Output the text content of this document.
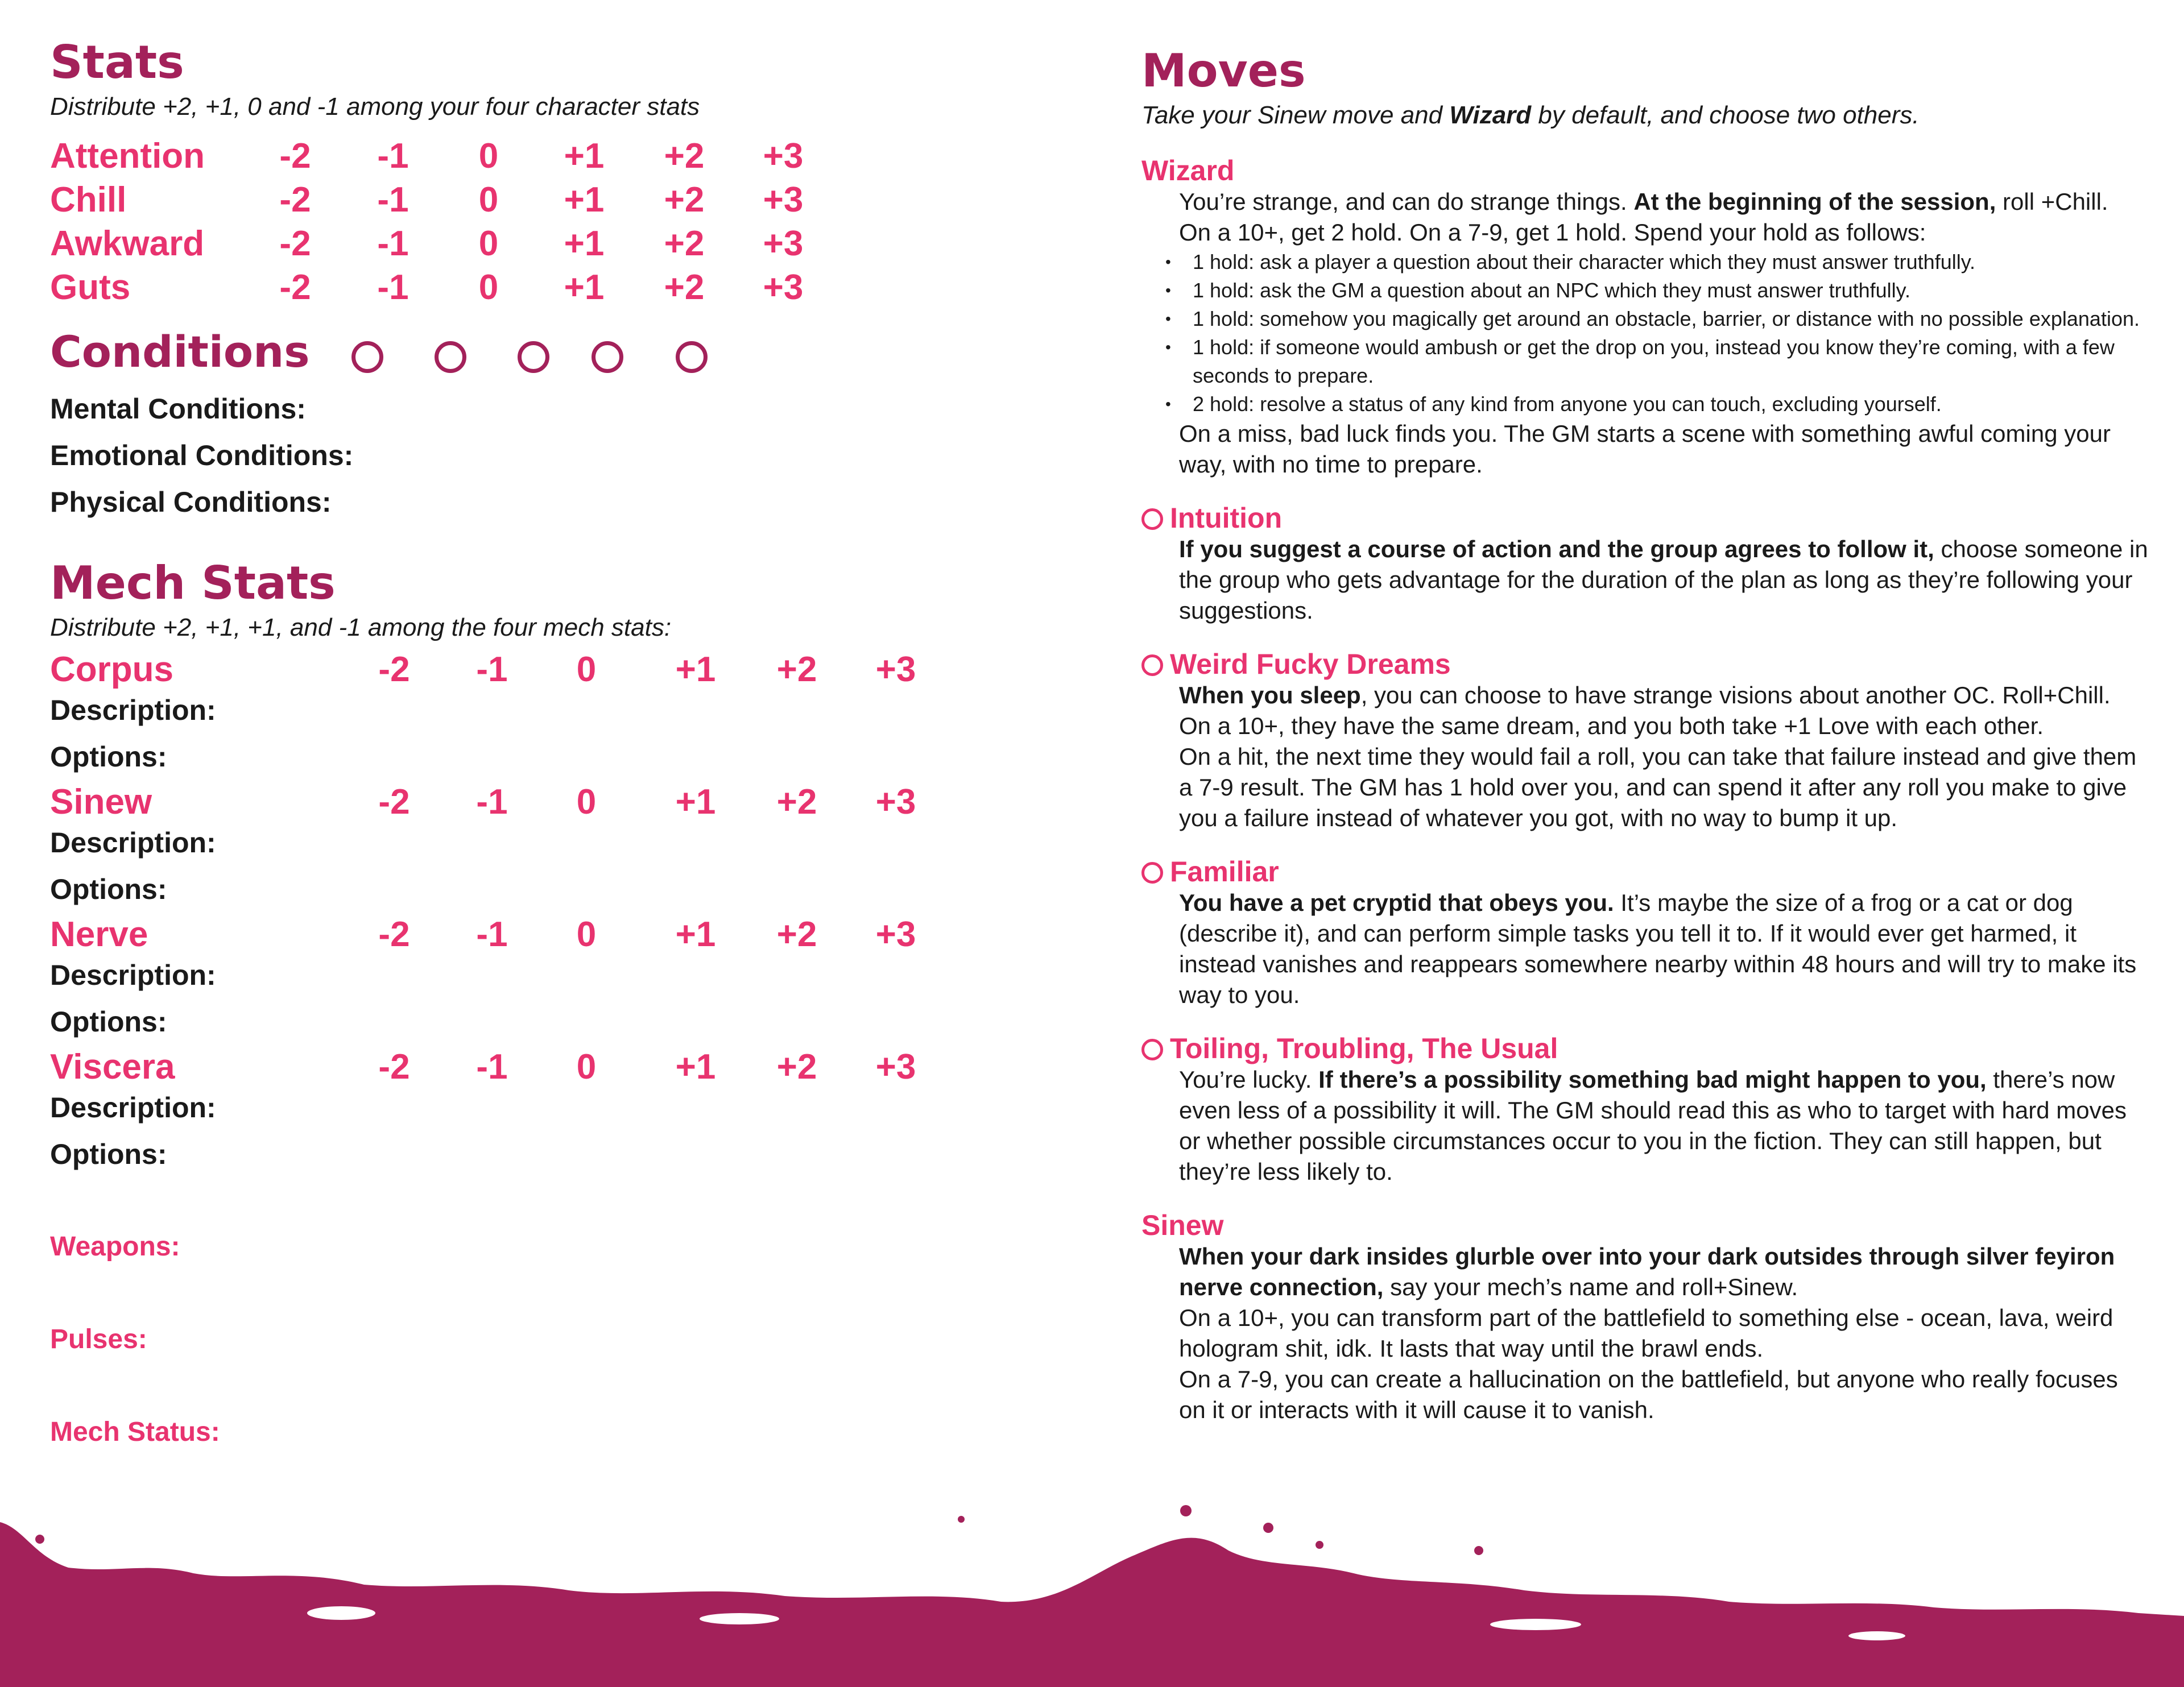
Stats
Distribute +2, +1, 0 and -1 among your four character stats
Attention	-2	-1	0	+1	+2	+3
Chill	-2	-1	0	+1	+2	+3
Awkward	-2	-1	0	+1	+2	+3
Guts	-2	-1	0	+1	+2	+3
Conditions
Mental Conditions:
Emotional Conditions:
Physical Conditions:
Mech Stats
Distribute +2, +1, +1, and -1 among the four mech stats:
Corpus	-2	-1	0	+1	+2	+3
Description:
Options:
Sinew	-2	-1	0	+1	+2	+3
Description:
Options:
Nerve	-2	-1	0	+1	+2	+3
Description:
Options:
Viscera	-2	-1	0	+1	+2	+3
Description:
Options:
Weapons:
Pulses:
Mech Status:
Moves
Take your Sinew move and Wizard by default, and choose two others.
Wizard
You’re strange, and can do strange things. At the beginning of the session, roll +Chill.
On a 10+, get 2 hold. On a 7-9, get 1 hold. Spend your hold as follows:
• 1 hold: ask a player a question about their character which they must answer truthfully.
• 1 hold: ask the GM a question about an NPC which they must answer truthfully.
• 1 hold: somehow you magically get around an obstacle, barrier, or distance with no possible explanation.
• 1 hold: if someone would ambush or get the drop on you, instead you know they’re coming, with a few seconds to prepare.
• 2 hold: resolve a status of any kind from anyone you can touch, excluding yourself.
On a miss, bad luck finds you. The GM starts a scene with something awful coming your way, with no time to prepare.
Intuition
If you suggest a course of action and the group agrees to follow it, choose someone in the group who gets advantage for the duration of the plan as long as they’re following your suggestions.
Weird Fucky Dreams
When you sleep, you can choose to have strange visions about another OC. Roll+Chill.
On a 10+, they have the same dream, and you both take +1 Love with each other.
On a hit, the next time they would fail a roll, you can take that failure instead and give them a 7-9 result. The GM has 1 hold over you, and can spend it after any roll you make to give you a failure instead of whatever you got, with no way to bump it up.
Familiar
You have a pet cryptid that obeys you. It’s maybe the size of a frog or a cat or dog (describe it), and can perform simple tasks you tell it to. If it would ever get harmed, it instead vanishes and reappears somewhere nearby within 48 hours and will try to make its way to you.
Toiling, Troubling, The Usual
You’re lucky. If there’s a possibility something bad might happen to you, there’s now even less of a possibility it will. The GM should read this as who to target with hard moves or whether possible circumstances occur to you in the fiction. They can still happen, but they’re less likely to.
Sinew
When your dark insides glurble over into your dark outsides through silver feyiron nerve connection, say your mech’s name and roll+Sinew.
On a 10+, you can transform part of the battlefield to something else - ocean, lava, weird hologram shit, idk. It lasts that way until the brawl ends.
On a 7-9, you can create a hallucination on the battlefield, but anyone who really focuses on it or interacts with it will cause it to vanish.
